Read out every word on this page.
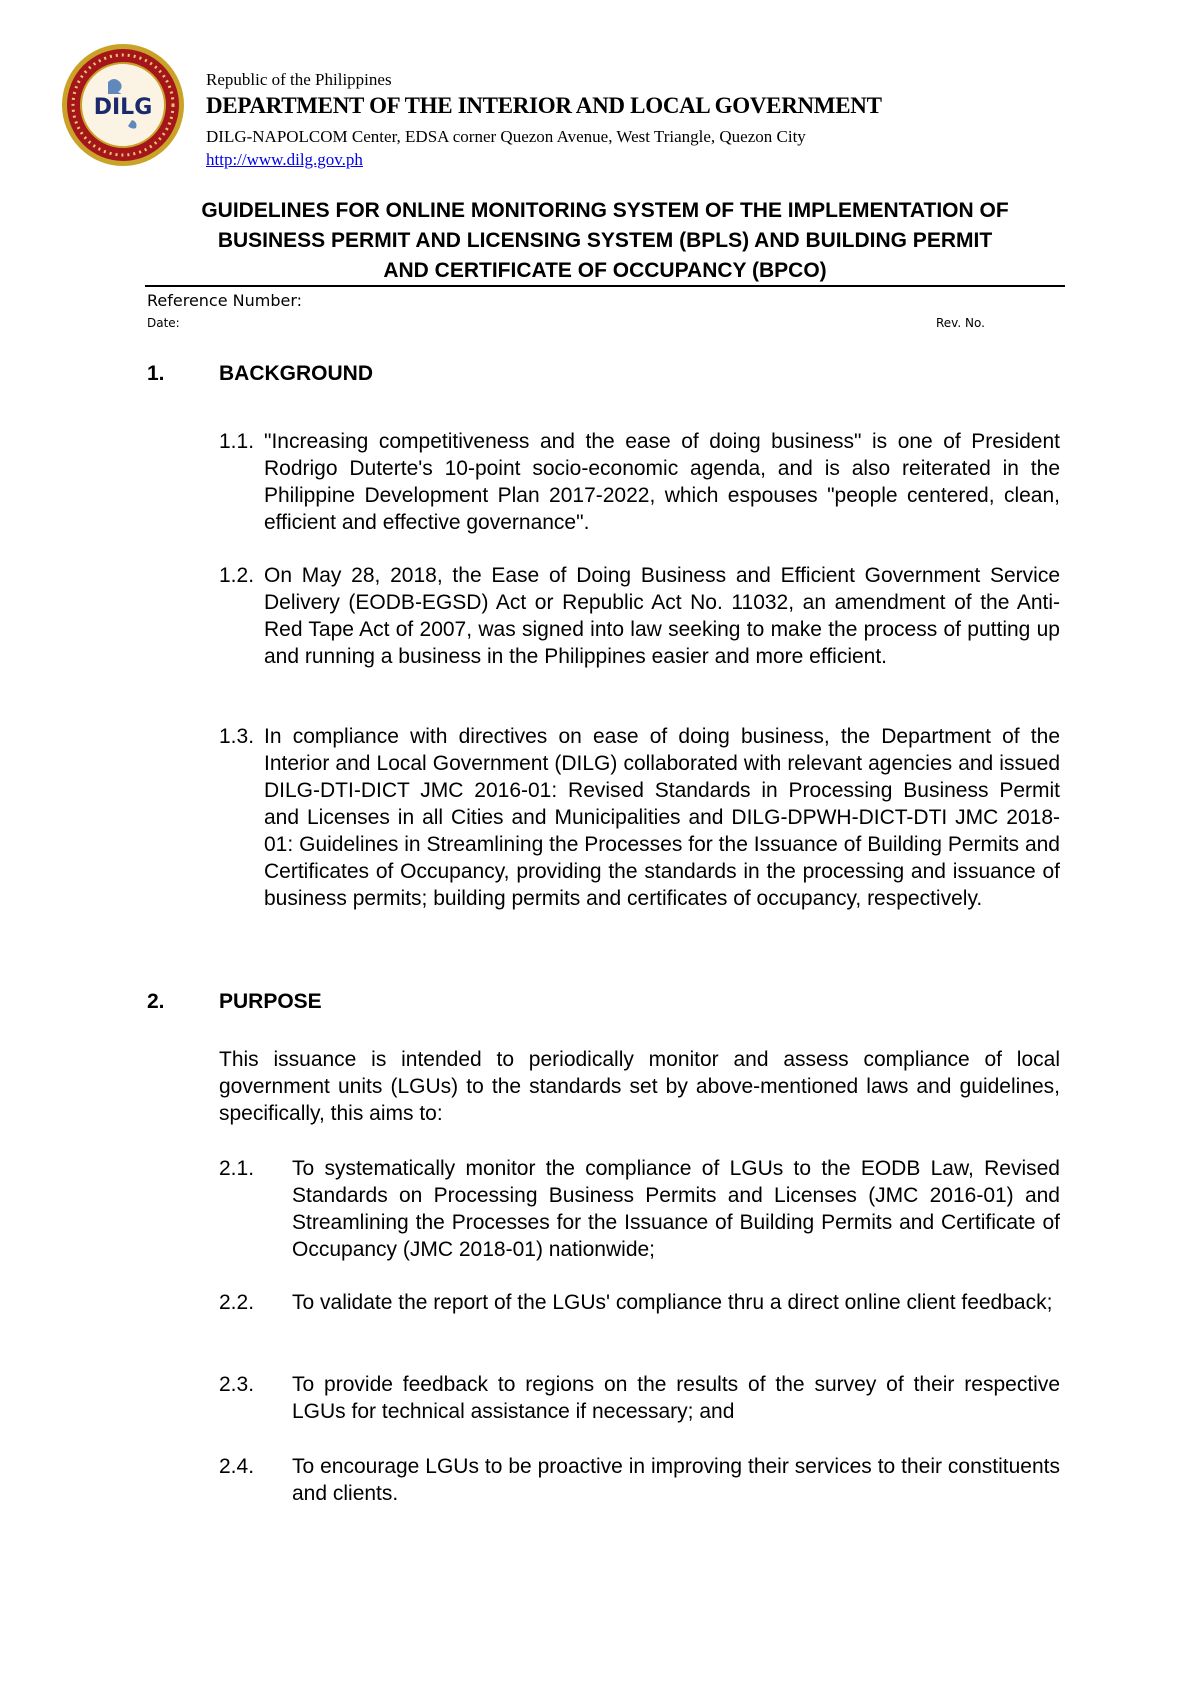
DILG
Republic of the Philippines
DEPARTMENT OF THE INTERIOR AND LOCAL GOVERNMENT
DILG-NAPOLCOM Center, EDSA corner Quezon Avenue, West Triangle, Quezon City
http://www.dilg.gov.ph
GUIDELINES FOR ONLINE MONITORING SYSTEM OF THE IMPLEMENTATION OF
BUSINESS PERMIT AND LICENSING SYSTEM (BPLS) AND BUILDING PERMIT
AND CERTIFICATE OF OCCUPANCY (BPCO)
Reference Number:
Date:	Rev. No.
1.	BACKGROUND
1.1. "Increasing competitiveness and the ease of doing business" is one of President Rodrigo Duterte's 10-point socio-economic agenda, and is also reiterated in the Philippine Development Plan 2017-2022, which espouses "people centered, clean, efficient and effective governance".
1.2. On May 28, 2018, the Ease of Doing Business and Efficient Government Service Delivery (EODB-EGSD) Act or Republic Act No. 11032, an amendment of the Anti-Red Tape Act of 2007, was signed into law seeking to make the process of putting up and running a business in the Philippines easier and more efficient.
1.3. In compliance with directives on ease of doing business, the Department of the Interior and Local Government (DILG) collaborated with relevant agencies and issued DILG-DTI-DICT JMC 2016-01: Revised Standards in Processing Business Permit and Licenses in all Cities and Municipalities and DILG-DPWH-DICT-DTI JMC 2018-01: Guidelines in Streamlining the Processes for the Issuance of Building Permits and Certificates of Occupancy, providing the standards in the processing and issuance of business permits; building permits and certificates of occupancy, respectively.
2.	PURPOSE
This issuance is intended to periodically monitor and assess compliance of local government units (LGUs) to the standards set by above-mentioned laws and guidelines, specifically, this aims to:
2.1. To systematically monitor the compliance of LGUs to the EODB Law, Revised Standards on Processing Business Permits and Licenses (JMC 2016-01) and Streamlining the Processes for the Issuance of Building Permits and Certificate of Occupancy (JMC 2018-01) nationwide;
2.2. To validate the report of the LGUs' compliance thru a direct online client feedback;
2.3. To provide feedback to regions on the results of the survey of their respective LGUs for technical assistance if necessary; and
2.4. To encourage LGUs to be proactive in improving their services to their constituents and clients.
